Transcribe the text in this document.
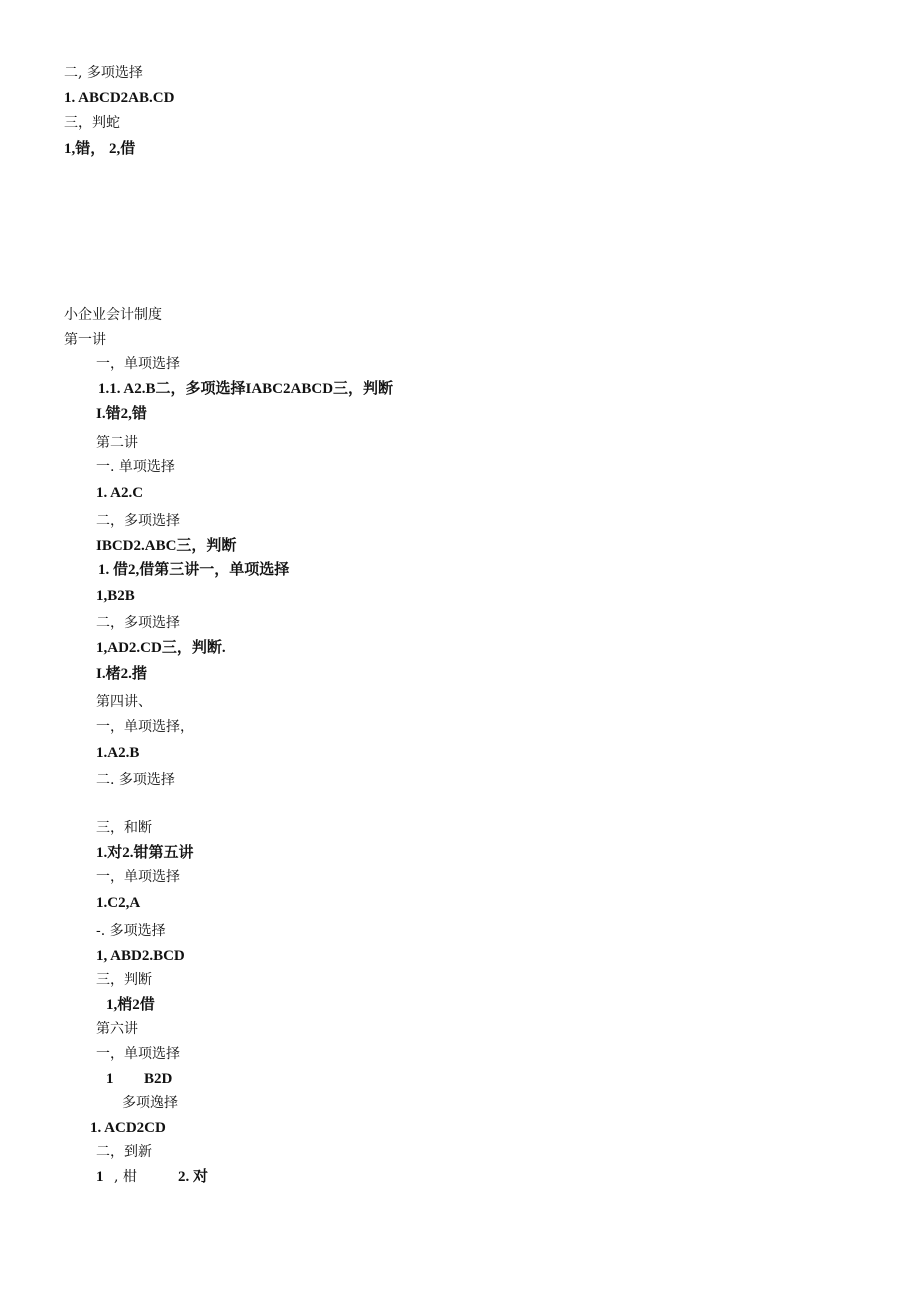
二, 多项选择
1. ABCD2AB.CD
三，判蛇
1,错， 2,借
小企业会计制度
第一讲
一，单项选择
1.1. A2.B二，多项选择IABC2ABCD三，判断
I.错2,错
第二讲
一. 单项选择
1. A2.C
二，多项选择
IBCD2.ABC三，判断
1. 借2,借第三讲一，单项选择
1,B2B
二，多项选择
1,AD2.CD三，判断.
I.楮2.揩
第四讲、
一，单项选择，
1.A2.B
二. 多项选择
三，和断
1.对2.钳第五讲
一，单项选择
1.C2,A
-. 多项选择
1, ABD2.BCD
三，判断
1,梢2借
第六讲
一，单项选择
1 B2D
多项逸择
1. ACD2CD
二，到新
1 , 柑	2. 对
